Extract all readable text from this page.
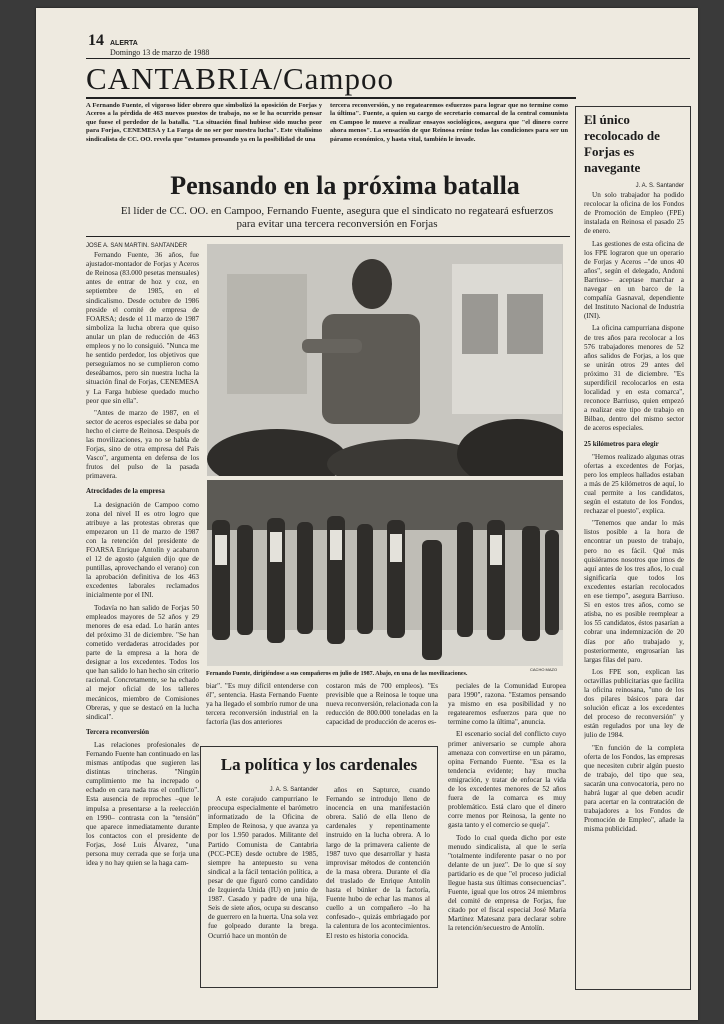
14 ALERTA
Domingo 13 de marzo de 1988
CANTABRIA/Campoo
A Fernando Fuente, el vigoroso líder obrero que simbolizó la oposición de Forjas y Aceros a la pérdida de 463 nuevos puestos de trabajo, no se le ha ocurrido pensar que fuese el perdedor de la batalla. "La situación final hubiese sido mucho peor para Forjas, CENEMESA y La Farga de no ser por nuestra lucha". Este vitalísimo sindicalista de CC. OO. revela que "estamos pensando ya en la posibilidad de una
tercera reconversión, y no regatearemos esfuerzos para lograr que no termine como la última". Fuente, a quien su cargo de secretario comarcal de la central comunista en Campoo le mueve a realizar ensayos sociológicos, asegura que "el dinero corre ahora menos". La sensación de que Reinosa reúne todas las condiciones para ser un páramo económico, y hasta vital, también le invade.
Pensando en la próxima batalla
El líder de CC. OO. en Campoo, Fernando Fuente, asegura que el sindicato no regateará esfuerzos para evitar una tercera reconversión en Forjas
JOSE A. SAN MARTIN. SANTANDER

Fernando Fuente, 36 años, fue ajustador-montador de Forjas y Aceros de Reinosa (83.000 pesetas mensuales) antes de entrar de hoz y coz, en septiembre de 1985, en el sindicalismo. Desde octubre de 1986 preside el comité de empresa de FOARSA; desde el 11 marzo de 1987 simboliza la lucha obrera que quiso anular un plan de reducción de 463 empleos y no lo consiguió. "Nunca me he sentido perdedor, los objetivos que perseguíamos no se cumplieron como deseábamos, pero sin nuestra lucha la situación final de Forjas, CENEMESA y La Farga hubiese quedado mucho peor que sin ella".

"Antes de marzo de 1987, en el sector de aceros especiales se daba por hecho el cierre de Reinosa. Después de las movilizaciones, ya no se habla de Forjas, sino de otra empresa del País Vasco", argumenta en defensa de los frutos del pulso de la pasada primavera.

Atrocidades de la empresa

La designación de Campoo como zona del nivel II es otro logro que atribuye a las protestas obreras que empezaron un 11 de marzo de 1987 con la retención del presidente de FOARSA Enrique Antolín y acabaron el 12 de agosto (alguien dijo que de puntillas, aprovechando el verano) con la aprobación definitiva de los 463 excedentes laborales reclamados inicialmente por el INI.

Todavía no han salido de Forjas 50 empleados mayores de 52 años y 29 menores de esa edad. Lo harán antes del próximo 31 de diciembre. "Se han cometido verdaderas atrocidades por parte de la empresa a la hora de designar a los excedentes. Todos los que han salido lo han hecho sin criterio racional. Concretamente, se ha echado al mejor oficial de los talleres mecánicos, miembro de Comisiones Obreras, y que se destacó en la lucha sindical".

Tercera reconversión

Las relaciones profesionales de Fernando Fuente han continuado en las mismas antípodas que sugieren las distintas trincheras. "Ningún cumplimiento me ha increpado o echado en cara nada tras el conflicto". Esta ausencia de reproches –que le impulsa a presentarse a la reelección en 1990– contrasta con la "tensión" que aparece inmediatamente durante los contactos con el presidente de Forjas, José Luis Álvarez, "una persona muy cerrada que se forja una idea y no hay quien se la haga cam-

Fernando Fuente, dirigiéndose a sus compañeros en julio de 1987. Abajo, en una de las movilizaciones.
CACHO MAZO
biar". "Es muy difícil entenderse con él", sentencia. Hasta Fernando Fuente ya ha llegado el sombrío rumor de una tercera reconversión industrial en la factoría (las dos anteriores
costaron más de 700 empleos). "Es previsible que a Reinosa le toque una nueva reconversión, relacionada con la reducción de 800.000 toneladas en la capacidad de producción de aceros es-

peciales de la Comunidad Europea para 1990", razona. "Estamos pensando ya mismo en esa posibilidad y no regatearemos esfuerzos para que no termine como la última", anuncia.

El escenario social del conflicto cuyo primer aniversario se cumple ahora amenaza con convertirse en un páramo, opina Fernando Fuente. "Esa es la tendencia evidente; hay mucha emigración, y tratar de enfocar la vida de los excedentes menores de 52 años fuera de la comarca es muy problemático. Está claro que el dinero corre menos por Reinosa, la gente no gasta tanto y el comercio se queja".

Todo lo cual queda dicho por este menudo sindicalista, al que le sería "totalmente indiferente pasar o no por delante de un juez". De lo que sí soy partidario es de que "el proceso judicial llegue hasta sus últimas consecuencias". Fuente, igual que los otros 24 miembros del comité de empresa de Forjas, fue citado por el fiscal especial José María Martínez Matesanz para declarar sobre la retención/secuestro de Antolín.

La política y los cardenales
J. A. S. Santander

A este corajudo campurriano le preocupa especialmente el barómetro informatizado de la Oficina de Empleo de Reinosa, y que avanza ya por los 1.950 parados. Militante del Partido Comunista de Cantabria (PCC-PCE) desde octubre de 1985, siempre ha antepuesto su vena sindical a la fácil tentación política, a pesar de que figuró como candidato de Izquierda Unida (IU) en junio de 1987. Casado y padre de una hija, Seis de siete años, ocupa su descanso de guerrero en la huerta. Una sola vez fue golpeado durante la brega. Ocurrió hace un montón de

años en Sapturce, cuando Fernando se introdujo lleno de inocencia en una manifestación obrera. Salió de ella lleno de cardenales y repentinamente instruido en la lucha obrera. A lo largo de la primavera caliente de 1987 tuvo que desarrollar y hasta improvisar métodos de contención de la masa obrera. Durante el día del traslado de Enrique Antolín hasta el búnker de la factoría, Fuente hubo de echar las manos al cuello a un compañero –lo ha confesado–, quizás embriagado por la calentura de los acontecimientos. El resto es historia conocida.

El único recolocado de Forjas es navegante
J. A. S. Santander

Un solo trabajador ha podido recolocar la oficina de los Fondos de Promoción de Empleo (FPE) instalada en Reinosa el pasado 25 de enero.

Las gestiones de esta oficina de los FPE lograron que un operario de Forjas y Aceros –"de unos 40 años", según el delegado, Andoni Barriuso– aceptase marchar a navegar en un barco de la compañía Gasnaval, dependiente del Instituto Nacional de Industria (INI).

La oficina campurriana dispone de tres años para recolocar a los 576 trabajadores menores de 52 años salidos de Forjas, a los que se unirán otros 29 antes del próximo 31 de diciembre. "Es superdifícil recolocarlos en esta localidad y en esta comarca", reconoce Barriuso, quien empezó a realizar este tipo de trabajo en Bilbao, dentro del mismo sector de aceros especiales.

25 kilómetros para elegir

"Hemos realizado algunas otras ofertas a excedentes de Forjas, pero los empleos hallados estaban a más de 25 kilómetros de aquí, lo cual permite a los candidatos, según el estatuto de los Fondos, rechazar el puesto", explica.

"Tenemos que andar lo más listos posible a la hora de encontrar un puesto de trabajo, pero no es fácil. Qué más quisiéramos nosotros que irnos de aquí antes de los tres años, lo cual significaría que todos los excedentes estarían recolocados en ese tiempo", asegura Barriuso. Si en estos tres años, como se atisba, no es posible reemplear a los 55 candidatos, éstos pasarían a cobrar una indemnización de 20 días por año trabajado y, posteriormente, engrosarían las largas filas del paro.

Los FPE son, explican las octavillas publicitarias que facilita la oficina reinosana, "uno de los dos pilares básicos para dar solución eficaz a los excedentes del proceso de reconversión" y están regulados por una ley de julio de 1984.

"En función de la completa oferta de los Fondos, las empresas que necesiten cubrir algún puesto de trabajo, del tipo que sea, sacarán una convocatoria, pero no habrá lugar al que deben acudir para acertar en la contratación de trabajadores a los Fondos de Promoción de Empleo", añade la misma publicidad.
